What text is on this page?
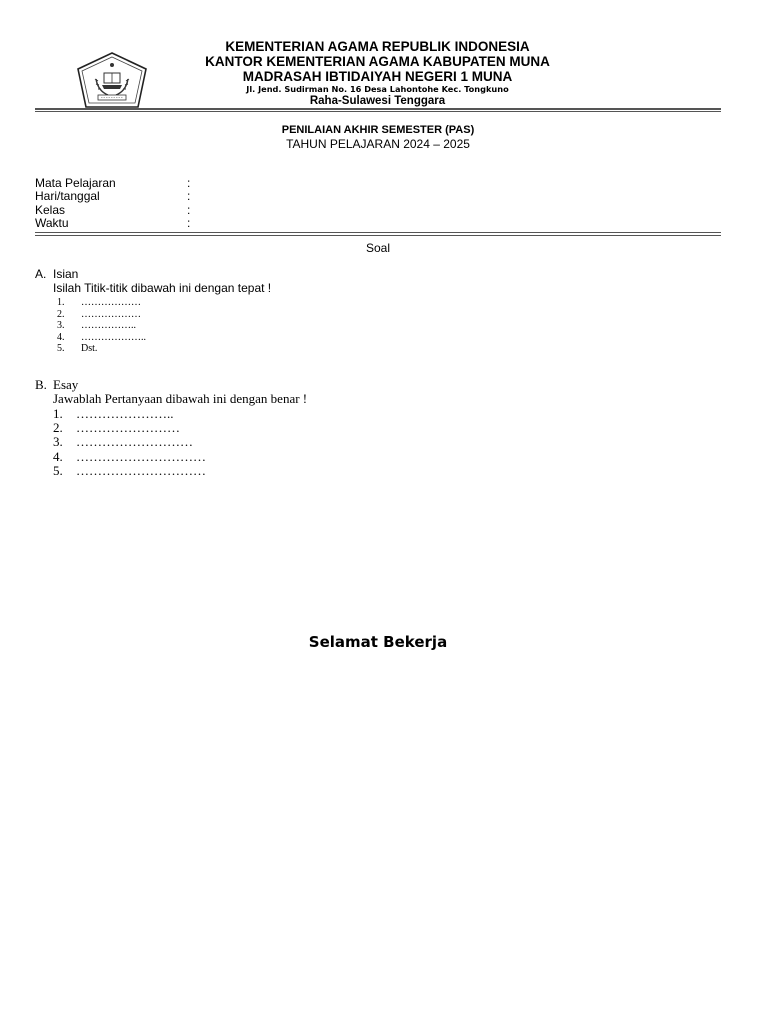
KEMENTERIAN AGAMA REPUBLIK INDONESIA
KANTOR KEMENTERIAN AGAMA KABUPATEN MUNA
MADRASAH IBTIDAIYAH NEGERI 1 MUNA
Jl. Jend. Sudirman No. 16 Desa Lahontohe Kec. Tongkuno
Raha-Sulawesi Tenggara
PENILAIAN AKHIR SEMESTER (PAS)
TAHUN PELAJARAN 2024 – 2025
Mata Pelajaran	:
Hari/tanggal	:
Kelas	:
Waktu	:
Soal
A. Isian
Isilah Titik-titik dibawah ini dengan tepat !
1.	………………
2.	………………
3.	……………..
4.	………………..
5.	Dst.
B. Esay
Jawablah Pertanyaan dibawah ini dengan benar !
1.	…………………..
2.	……………………
3.	………………………
4.	…………………………
5.	…………………………
Selamat Bekerja
